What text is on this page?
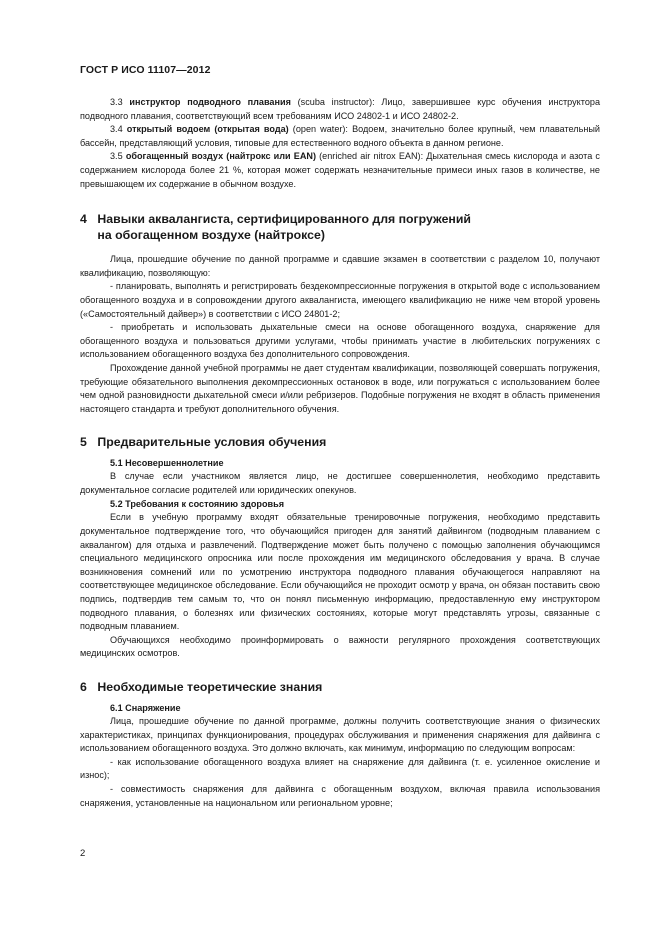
ГОСТ Р ИСО 11107—2012

3.3 инструктор подводного плавания (scuba instructor): Лицо, завершившее курс обучения инструктора подводного плавания, соответствующий всем требованиям ИСО 24802-1 и ИСО 24802-2.

3.4 открытый водоем (открытая вода) (open water): Водоем, значительно более крупный, чем плавательный бассейн, представляющий условия, типовые для естественного водного объекта в данном регионе.

3.5 обогащенный воздух (найтрокс или EAN) (enriched air nitrox EAN): Дыхательная смесь кислорода и азота с содержанием кислорода более 21 %, которая может содержать незначительные примеси иных газов в количестве, не превышающем их содержание в обычном воздухе.

4 Навыки аквалангиста, сертифицированного для погружений
на обогащенном воздухе (найтроксе)

Лица, прошедшие обучение по данной программе и сдавшие экзамен в соответствии с разделом 10, получают квалификацию, позволяющую:

- планировать, выполнять и регистрировать бездекомпрессионные погружения в открытой воде с использованием обогащенного воздуха и в сопровождении другого аквалангиста, имеющего квалификацию не ниже чем второй уровень («Самостоятельный дайвер») в соответствии с ИСО 24801-2;

- приобретать и использовать дыхательные смеси на основе обогащенного воздуха, снаряжение для обогащенного воздуха и пользоваться другими услугами, чтобы принимать участие в любительских погружениях с использованием обогащенного воздуха без дополнительного сопровождения.

Прохождение данной учебной программы не дает студентам квалификации, позволяющей совершать погружения, требующие обязательного выполнения декомпрессионных остановок в воде, или погружаться с использованием более чем одной разновидности дыхательной смеси и/или ребризеров. Подобные погружения не входят в область применения настоящего стандарта и требуют дополнительного обучения.

5 Предварительные условия обучения

5.1 Несовершеннолетние

В случае если участником является лицо, не достигшее совершеннолетия, необходимо представить документальное согласие родителей или юридических опекунов.

5.2 Требования к состоянию здоровья

Если в учебную программу входят обязательные тренировочные погружения, необходимо представить документальное подтверждение того, что обучающийся пригоден для занятий дайвингом (подводным плаванием с аквалангом) для отдыха и развлечений. Подтверждение может быть получено с помощью заполнения обучающимся специального медицинского опросника или после прохождения им медицинского обследования у врача. В случае возникновения сомнений или по усмотрению инструктора подводного плавания обучающегося направляют на соответствующее медицинское обследование. Если обучающийся не проходит осмотр у врача, он обязан поставить свою подпись, подтвердив тем самым то, что он понял письменную информацию, предоставленную ему инструктором подводного плавания, о болезнях или физических состояниях, которые могут представлять угрозы, связанные с подводным плаванием.

Обучающихся необходимо проинформировать о важности регулярного прохождения соответствующих медицинских осмотров.

6 Необходимые теоретические знания

6.1 Снаряжение

Лица, прошедшие обучение по данной программе, должны получить соответствующие знания о физических характеристиках, принципах функционирования, процедурах обслуживания и применения снаряжения для дайвинга с использованием обогащенного воздуха. Это должно включать, как минимум, информацию по следующим вопросам:

- как использование обогащенного воздуха влияет на снаряжение для дайвинга (т. е. усиленное окисление и износ);

- совместимость снаряжения для дайвинга с обогащенным воздухом, включая правила использования снаряжения, установленные на национальном или региональном уровне;

2
